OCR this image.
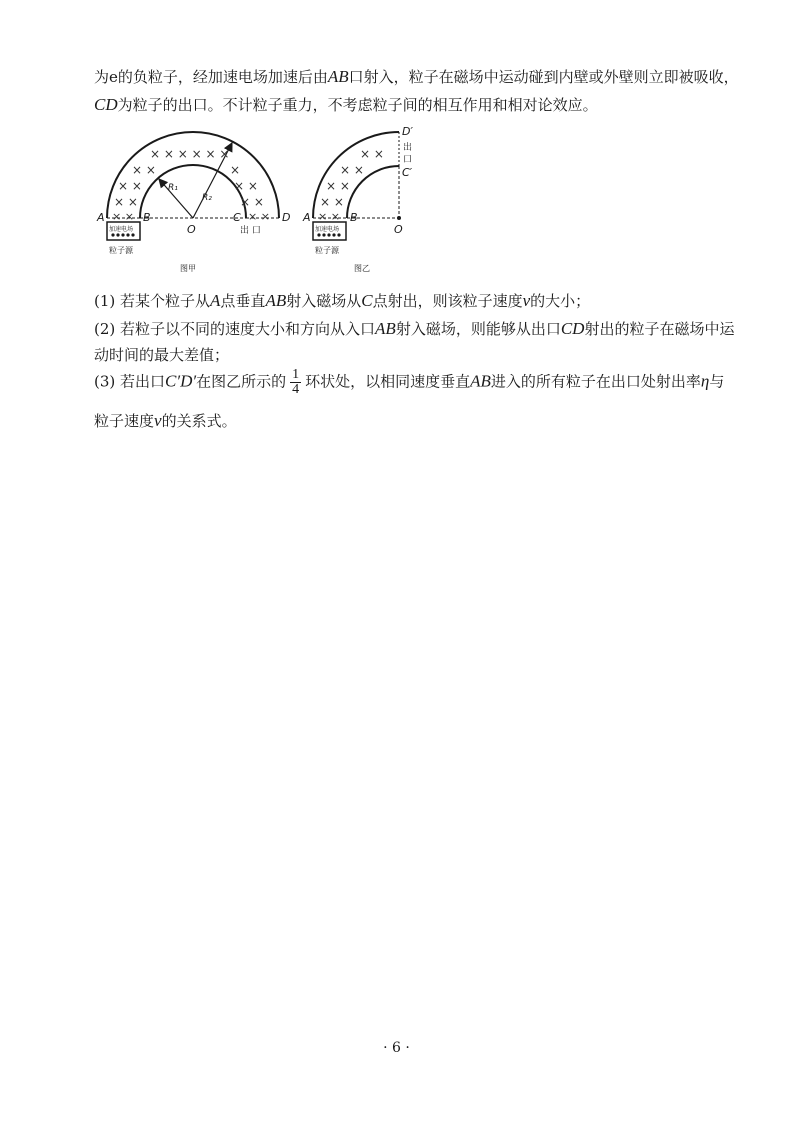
为e的负粒子，经加速电场加速后由AB口射入，粒子在磁场中运动碰到内壁或外壁则立即被吸收，
CD为粒子的出口。不计粒子重力，不考虑粒子间的相互作用和相对论效应。
× × × × × ×
× ×	×
× ×	× ×
× ×	× ×
× ×	× ×
A	B	C	D
O
R₁
R₂
出 口
加速电场
粒子源
图甲
× ×
× ×
× ×
× ×
× ×
A	B
O
D′
C′
出
口
加速电场
粒子源
图乙
(1) 若某个粒子从A点垂直AB射入磁场从C点射出，则该粒子速度v的大小；
(2) 若粒子以不同的速度大小和方向从入口AB射入磁场，则能够从出口CD射出的粒子在磁场中运
动时间的最大差值；
(3) 若出口C′D′在图乙所示的 $\frac{1}{4}$ 环状处，以相同速度垂直AB进入的所有粒子在出口处射出率η与
粒子速度v的关系式。
· 6 ·
